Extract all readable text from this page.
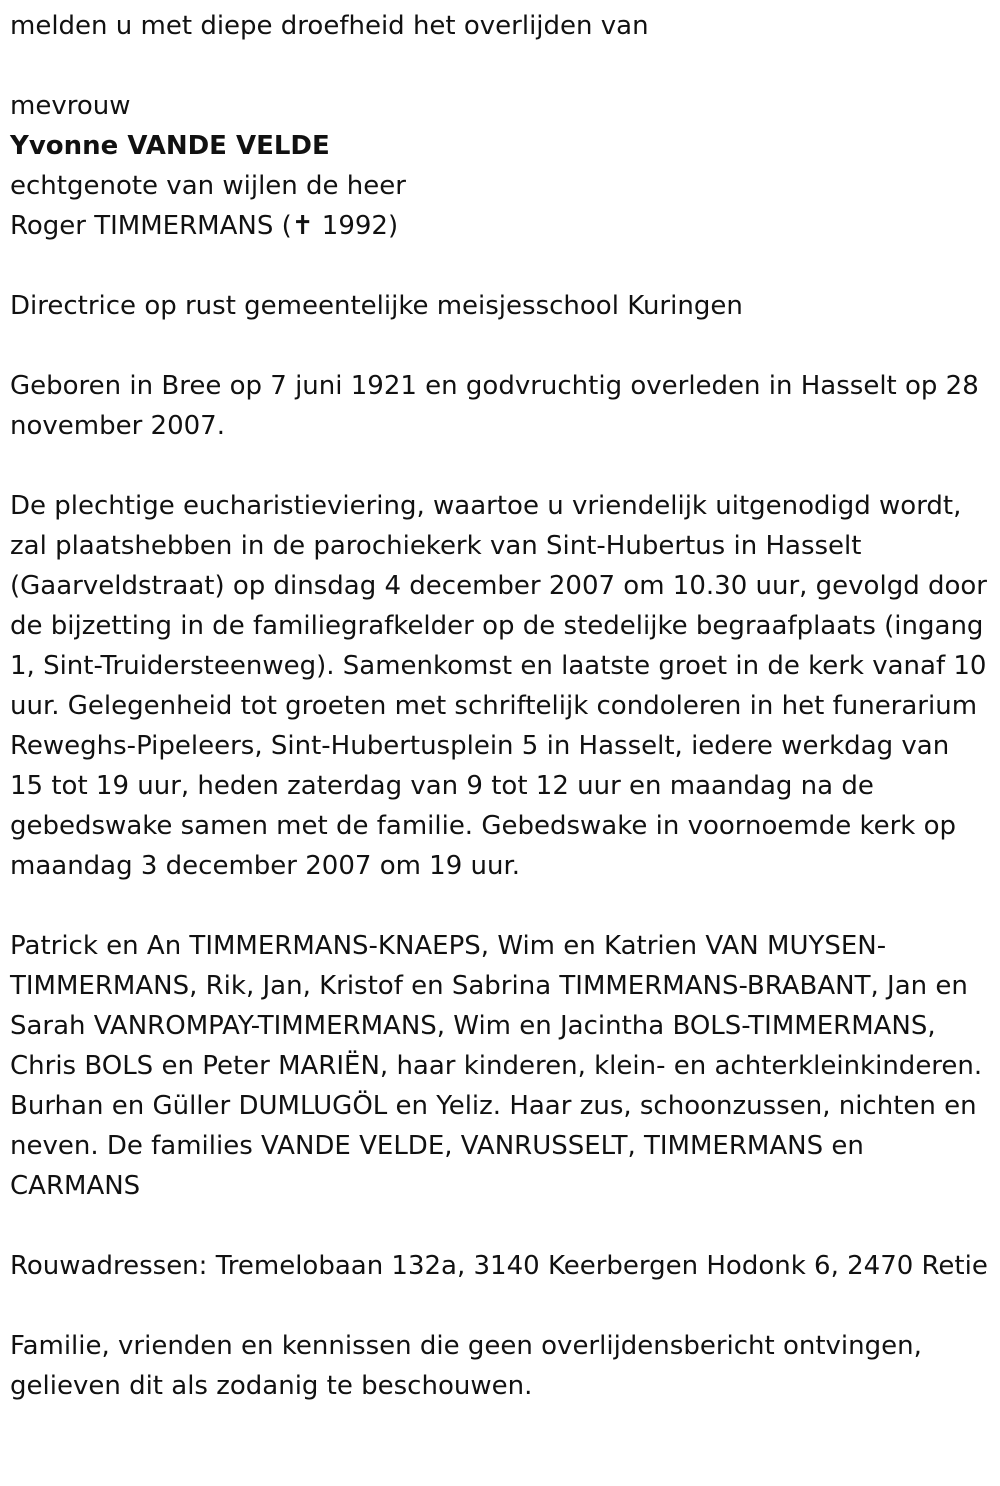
melden u met diepe droefheid het overlijden van

mevrouw

Yvonne VANDE VELDE

echtgenote van wijlen de heer

Roger TIMMERMANS (✝ 1992)

Directrice op rust gemeentelijke meisjesschool Kuringen

Geboren in Bree op 7 juni 1921 en godvruchtig overleden in Hasselt op 28 november 2007.

De plechtige eucharistieviering, waartoe u vriendelijk uitgenodigd wordt, zal plaatshebben in de parochiekerk van Sint-Hubertus in Hasselt (Gaarveldstraat) op dinsdag 4 december 2007 om 10.30 uur, gevolgd door de bijzetting in de familiegrafkelder op de stedelijke begraafplaats (ingang 1, Sint-Truidersteenweg). Samenkomst en laatste groet in de kerk vanaf 10 uur. Gelegenheid tot groeten met schriftelijk condoleren in het funerarium Reweghs-Pipeleers, Sint-Hubertusplein 5 in Hasselt, iedere werkdag van 15 tot 19 uur, heden zaterdag van 9 tot 12 uur en maandag na de gebedswake samen met de familie. Gebedswake in voornoemde kerk op maandag 3 december 2007 om 19 uur.

Patrick en An TIMMERMANS-KNAEPS, Wim en Katrien VAN MUYSEN-TIMMERMANS, Rik, Jan, Kristof en Sabrina TIMMERMANS-BRABANT, Jan en Sarah VANROMPAY-TIMMERMANS, Wim en Jacintha BOLS-TIMMERMANS, Chris BOLS en Peter MARIËN, haar kinderen, klein- en achterkleinkinderen. Burhan en Güller DUMLUGÖL en Yeliz. Haar zus, schoonzussen, nichten en neven. De families VANDE VELDE, VANRUSSELT, TIMMERMANS en CARMANS

Rouwadressen: Tremelobaan 132a, 3140 Keerbergen Hodonk 6, 2470 Retie

Familie, vrienden en kennissen die geen overlijdensbericht ontvingen, gelieven dit als zodanig te beschouwen.
